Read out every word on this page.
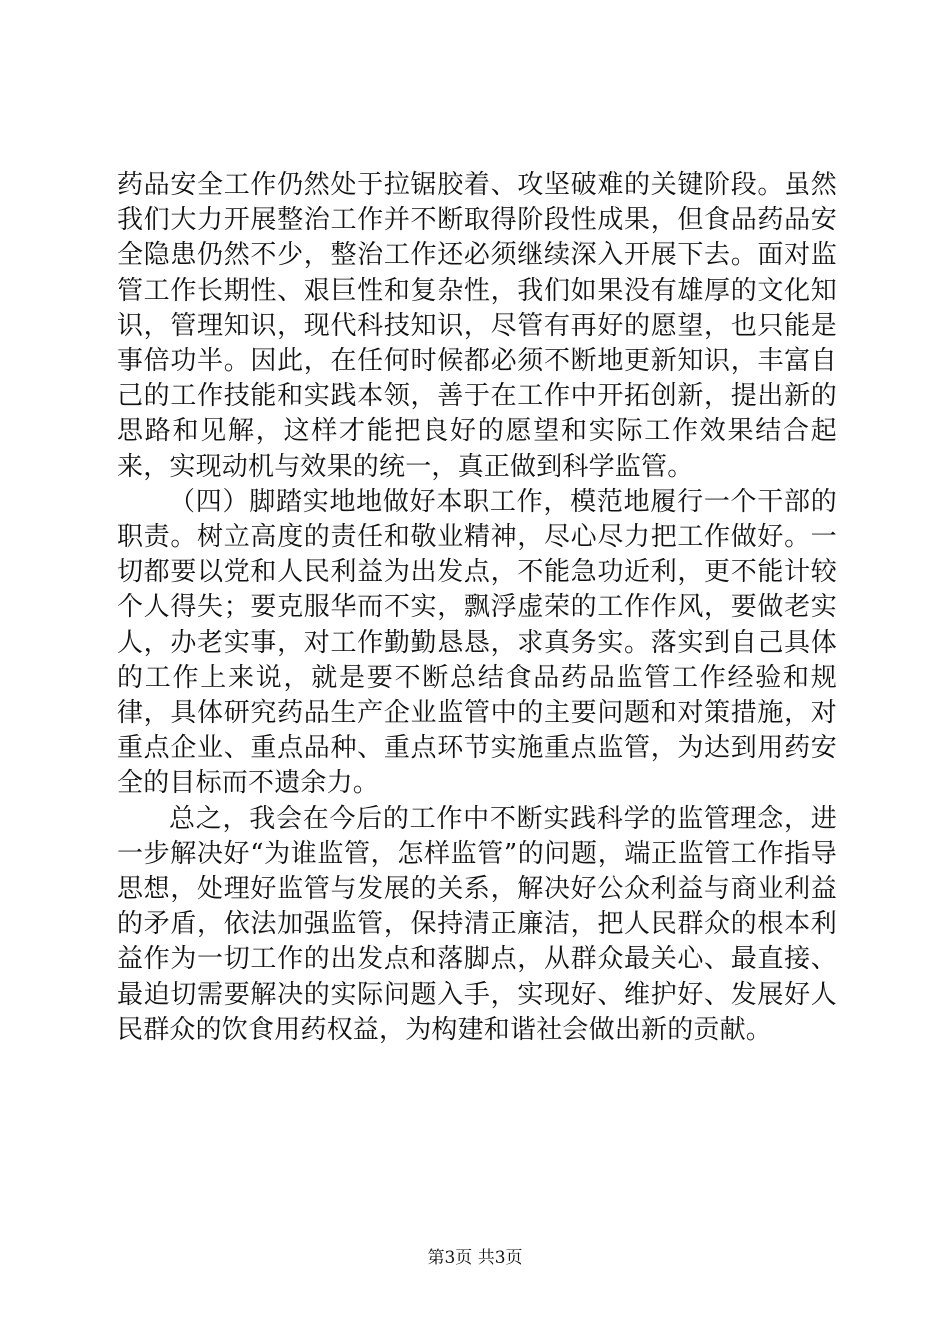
药品安全工作仍然处于拉锯胶着、攻坚破难的关键阶段。虽然我们大力开展整治工作并不断取得阶段性成果，但食品药品安全隐患仍然不少，整治工作还必须继续深入开展下去。面对监管工作长期性、艰巨性和复杂性，我们如果没有雄厚的文化知识，管理知识，现代科技知识，尽管有再好的愿望，也只能是事倍功半。因此，在任何时候都必须不断地更新知识，丰富自己的工作技能和实践本领，善于在工作中开拓创新，提出新的思路和见解，这样才能把良好的愿望和实际工作效果结合起来，实现动机与效果的统一，真正做到科学监管。

（四）脚踏实地地做好本职工作，模范地履行一个干部的职责。树立高度的责任和敬业精神，尽心尽力把工作做好。一切都要以党和人民利益为出发点，不能急功近利，更不能计较个人得失；要克服华而不实，飘浮虚荣的工作作风，要做老实人，办老实事，对工作勤勤恳恳，求真务实。落实到自己具体的工作上来说，就是要不断总结食品药品监管工作经验和规律，具体研究药品生产企业监管中的主要问题和对策措施，对重点企业、重点品种、重点环节实施重点监管，为达到用药安全的目标而不遗余力。

总之，我会在今后的工作中不断实践科学的监管理念，进一步解决好“为谁监管，怎样监管”的问题，端正监管工作指导思想，处理好监管与发展的关系，解决好公众利益与商业利益的矛盾，依法加强监管，保持清正廉洁，把人民群众的根本利益作为一切工作的出发点和落脚点，从群众最关心、最直接、最迫切需要解决的实际问题入手，实现好、维护好、发展好人民群众的饮食用药权益，为构建和谐社会做出新的贡献。

第3页 共3页
